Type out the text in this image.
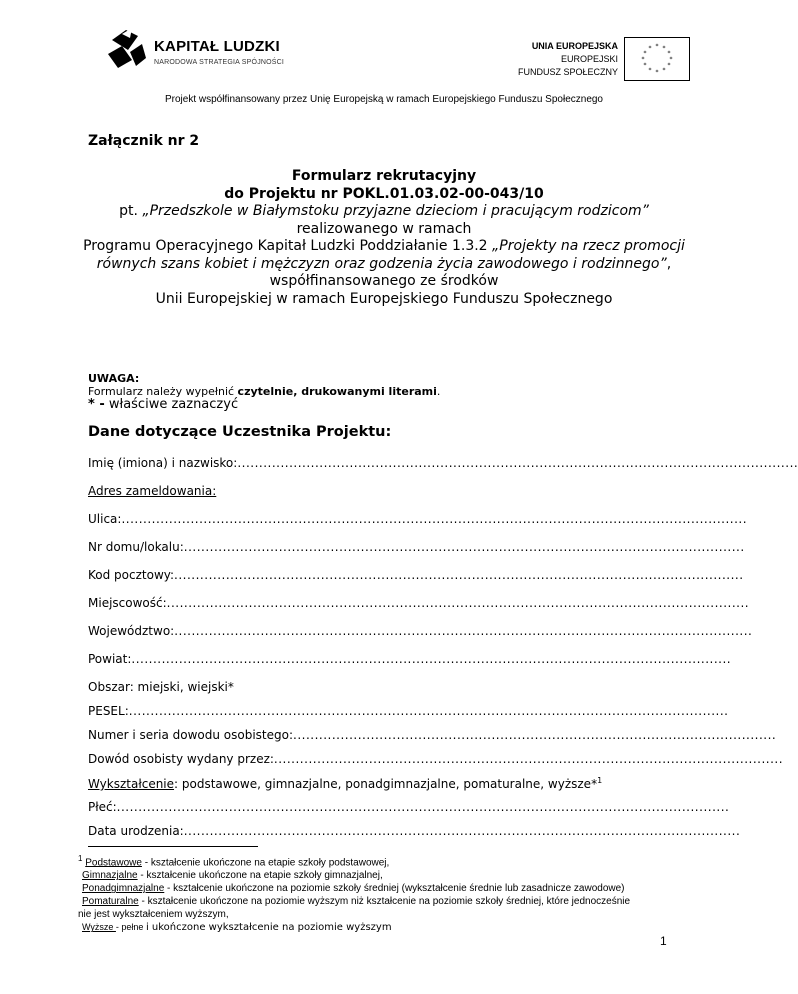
KAPITAŁ LUDZKI
NARODOWA STRATEGIA SPÓJNOŚCI
UNIA EUROPEJSKA
EUROPEJSKI
FUNDUSZ SPOŁECZNY
* *
*
*
*
*
*
*
*
*
*
*
Projekt współfinansowany przez Unię Europejską w ramach Europejskiego Funduszu Społecznego
Załącznik nr 2
Formularz rekrutacyjny
do Projektu nr POKL.01.03.02-00-043/10
pt. „Przedszkole w Białymstoku przyjazne dzieciom i pracującym rodzicom”
realizowanego w ramach
Programu Operacyjnego Kapitał Ludzki Poddziałanie 1.3.2 „Projekty na rzecz promocji
równych szans kobiet i mężczyzn oraz godzenia życia zawodowego i rodzinnego”,
współfinansowanego ze środków
Unii Europejskiej w ramach Europejskiego Funduszu Społecznego
UWAGA:
Formularz należy wypełnić czytelnie, drukowanymi literami.
* - właściwe zaznaczyć
Dane dotyczące Uczestnika Projektu:
Imię (imiona) i nazwisko:..................................................................................................................................
Adres zameldowania:
Ulica:.................................................................................................................................................
Nr domu/lokalu:..................................................................................................................................
Kod pocztowy:....................................................................................................................................
Miejscowość:.......................................................................................................................................
Województwo:......................................................................................................................................
Powiat:...........................................................................................................................................
Obszar: miejski, wiejski*
PESEL:...........................................................................................................................................
Numer i seria dowodu osobistego:................................................................................................................
Dowód osobisty wydany przez:......................................................................................................................
Wykształcenie: podstawowe, gimnazjalne, ponadgimnazjalne, pomaturalne, wyższe*$^1$
Płeć:..............................................................................................................................................
Data urodzenia:.................................................................................................................................
$^1$ Podstawowe - kształcenie ukończone na etapie szkoły podstawowej,
Gimnazjalne - kształcenie ukończone na etapie szkoły gimnazjalnej,
Ponadgimnazjalne - kształcenie ukończone na poziomie szkoły średniej (wykształcenie średnie lub zasadnicze zawodowe)
Pomaturalne - kształcenie ukończone na poziomie wyższym niż kształcenie na poziomie szkoły średniej, które jednocześnie
nie jest wykształceniem wyższym,
Wyższe - pełne i ukończone wykształcenie na poziomie wyższym
1
